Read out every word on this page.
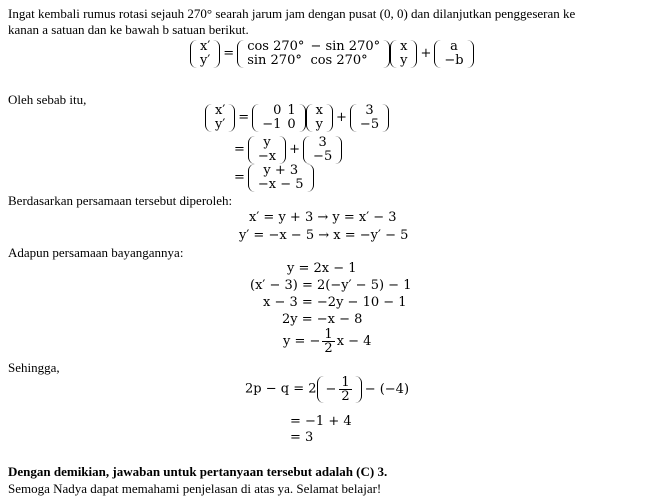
Ingat kembali rumus rotasi sejauh 270° searah jarum jam dengan pusat (0, 0) dan dilanjutkan penggeseran ke
kanan a satuan dan ke bawah b satuan berikut.
x′
y′ = cos 270°	− sin 270°
sin 270°	cos 270°
x
y + a
−b
Oleh sebab itu,
x′
y′ = 0	1
−1	0
x
y + 3
−5
= y
−x + 3
−5
= y + 3
−x − 5
Berdasarkan persamaan tersebut diperoleh:
x′ = y + 3 → y = x′ − 3
y′ = −x − 5 → x = −y′ − 5
Adapun persamaan bayangannya:
y = 2x − 1
(x′ − 3) = 2(−y′ − 5) − 1
x − 3 = −2y − 10 − 1
2y = −x − 8
y = − $\frac{1}{2}$ x − 4
Sehingga,
$2p - q = 2 - \frac{1}{2} - (-4)$
= −1 + 4
= 3
Dengan demikian, jawaban untuk pertanyaan tersebut adalah (C) 3.
Semoga Nadya dapat memahami penjelasan di atas ya. Selamat belajar!
